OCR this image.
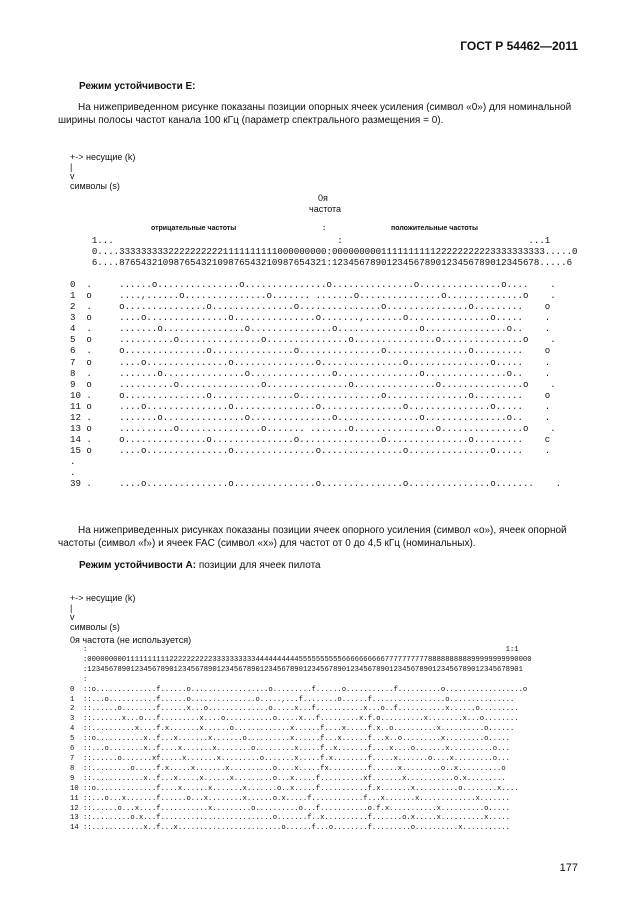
ГОСТ Р 54462—2011
Режим устойчивости E:
На нижеприведенном рисунке показаны позиции опорных ячеек усиления (символ «0») для номинальной ширины полосы частот канала 100 кГц (параметр спектрального размещения = 0).
+-> несущие (k)
|
v
символы (s)
0я
частота
отрицательные частоты	:	положительные частоты
1...                                         :                                  ...1
0....33333333322222222221111111111000000000:000000000111111111122222222223333333333.....0
6....87654321098765432109876543210987654321:12345678901234567890123456789012345678.....6

0  .     ......o...............o...............o...............o...............o....    .
1  o     ....,......o...............o....... .......o...............o..............o    .
2  .     o...............o...............o...............o...............o.........    o
3  o     ....o...............o...............o.......,.......o...............o.....    .
4  .     .......o...............o...............o...............o...............o..    .
5  o     ..........o...............o...............o...............o...............o    .
6  .     o...............o...............o...............o...............o.........    o
7  o     ....o...............o...............o...............o...............o.....    .
8  .     .......o...............o...............o...............o...............o..    .
9  o     ..........o...............o...............o...............o...............o    .
10 .     o...............o...............o...............o...............o.........    o
11 o     ....o...............o...............o...............o...............o.....    .
12 .     .......o...............o...............o...............o...............o..    .
13 o     ..........o...............o....... .......o...............o...............o    .
14 .     o...............o...............o...............o...............o.........    c
15 o     ....o...............o...............o...............o...............o.....    .
.
.
39 .     ....o...............o...............o...............o...............o.......    .
На нижеприведенных рисунках показаны позиции ячеек опорного усиления (символ «o»), ячеек опорной частоты (символ «f») и ячеек FAC (символ «x») для частот от 0 до 4,5 кГц (номинальных).
Режим устойчивости A: позиции для ячеек пилота
+-> несущие (k)
|
v
символы (s)
0я частота (не используется)
:                                                                                                 1:1
:0000000001111111111222222222233333333334444444444555555555566666666667777777777888888888899999999990000
:12345678901234567890123456789012345678901234567890123456789012345678901234567890123456789012345678901
:
0  ::o..............f......o..................o.........f......o...........f..........o..................o
1  ::...o...........f......o...............o.....,...f........o......f.................o...............
2  ::......o........f......x...o..............o.....x...f...........x...o..f...........x......o.........
3  ::.......x...o...f.........x....o...........o.....x...f.........x.f.o..........x........x...o........
4  ::..........x....f.x.......x......o.............x......f....x.....f.x..o..........x..........o......
5  ::o...........x..f...x.......x.......o..........x......f...x......f...x..o.........x.........o.....
6  ::...o........x..f....x.......x........o.........x.....f..x.......f....x....o.......x..........o...
7  ::......o.......xf.....x.......x.........o.......x.....f.x........f.....x.......o....x.........o...
8  ::.........o.....f.x.....x.......x..........o....x.....fx.........f......x.........o..x..........o
9  ::............x..f...x.....x......x.........o...x.....f..........xf.......x...........o.x.........
10 ::o..............f....x......x.......x.......o..x.....f...........f.x.......x..........o........x....
11 ::...o...x.......f......o...x........x......o.x.....f............f...x.......x.............x.......
12 ::......o...x....f...........x.........o..........o...f...........o.f.x...........x..........o.....
13 ::.........o.x...f..........................o.......f..x..........f.......o.x.....x..........x.....
14 ::............x..f...x........................o......f...o........f.........o..........x...........
177
